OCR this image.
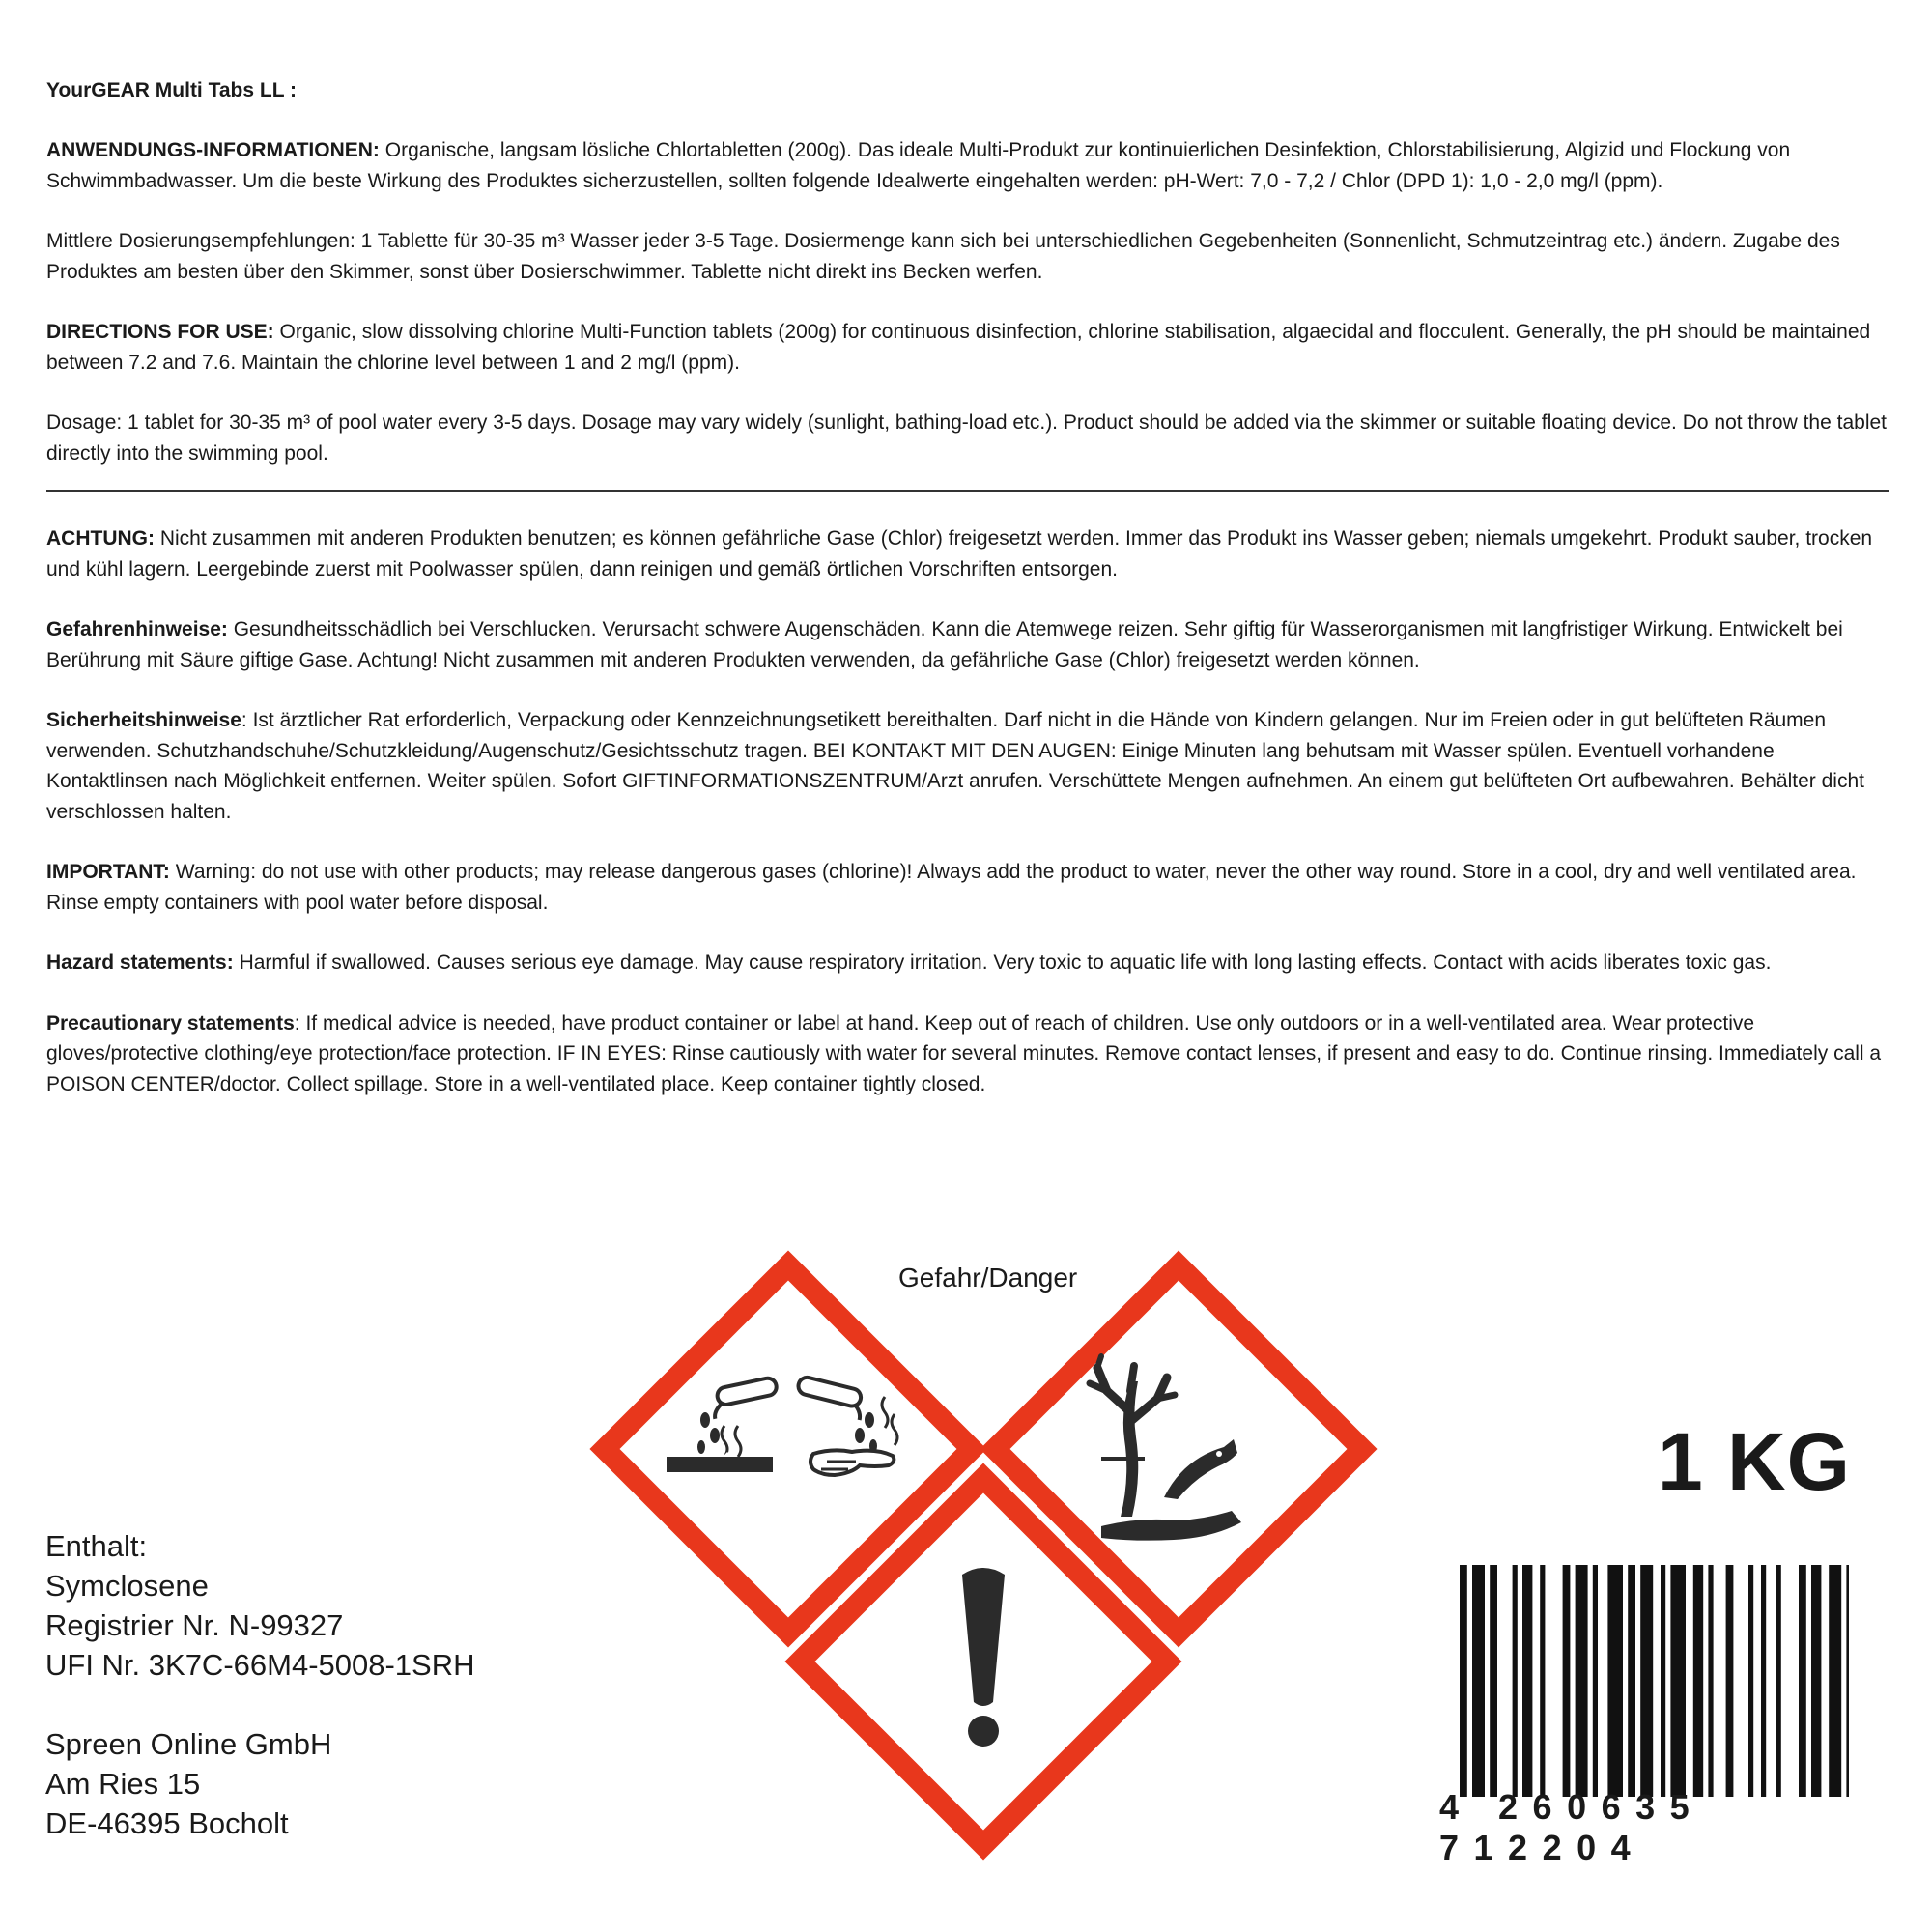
YourGEAR Multi Tabs LL :

ANWENDUNGS-INFORMATIONEN: Organische, langsam lösliche Chlortabletten (200g). Das ideale Multi-Produkt zur kontinuierlichen Desinfektion, Chlorstabilisierung, Algizid und Flockung von Schwimmbadwasser. Um die beste Wirkung des Produktes sicherzustellen, sollten folgende Idealwerte eingehalten werden: pH-Wert: 7,0 - 7,2 / Chlor (DPD 1): 1,0 - 2,0 mg/l (ppm).

Mittlere Dosierungsempfehlungen: 1 Tablette für 30-35 m³ Wasser jeder 3-5 Tage. Dosiermenge kann sich bei unterschiedlichen Gegebenheiten (Sonnenlicht, Schmutzeintrag etc.) ändern. Zugabe des Produktes am besten über den Skimmer, sonst über Dosierschwimmer. Tablette nicht direkt ins Becken werfen.

DIRECTIONS FOR USE: Organic, slow dissolving chlorine Multi-Function tablets (200g) for continuous disinfection, chlorine stabilisation, algaecidal and flocculent. Generally, the pH should be maintained between 7.2 and 7.6. Maintain the chlorine level between 1 and 2 mg/l (ppm).

Dosage: 1 tablet for 30-35 m³ of pool water every 3-5 days. Dosage may vary widely (sunlight, bathing-load etc.). Product should be added via the skimmer or suitable floating device. Do not throw the tablet directly into the swimming pool.

ACHTUNG: Nicht zusammen mit anderen Produkten benutzen; es können gefährliche Gase (Chlor) freigesetzt werden. Immer das Produkt ins Wasser geben; niemals umgekehrt. Produkt sauber, trocken und kühl lagern. Leergebinde zuerst mit Poolwasser spülen, dann reinigen und gemäß örtlichen Vorschriften entsorgen.

Gefahrenhinweise: Gesundheitsschädlich bei Verschlucken. Verursacht schwere Augenschäden. Kann die Atemwege reizen. Sehr giftig für Wasserorganismen mit langfristiger Wirkung. Entwickelt bei Berührung mit Säure giftige Gase. Achtung! Nicht zusammen mit anderen Produkten verwenden, da gefährliche Gase (Chlor) freigesetzt werden können.

Sicherheitshinweise: Ist ärztlicher Rat erforderlich, Verpackung oder Kennzeichnungsetikett bereithalten. Darf nicht in die Hände von Kindern gelangen. Nur im Freien oder in gut belüfteten Räumen verwenden. Schutzhandschuhe/Schutzkleidung/Augenschutz/Gesichtsschutz tragen. BEI KONTAKT MIT DEN AUGEN: Einige Minuten lang behutsam mit Wasser spülen. Eventuell vorhandene Kontaktlinsen nach Möglichkeit entfernen. Weiter spülen. Sofort GIFTINFORMATIONSZENTRUM/Arzt anrufen. Verschüttete Mengen aufnehmen. An einem gut belüfteten Ort aufbewahren. Behälter dicht verschlossen halten.

IMPORTANT: Warning: do not use with other products; may release dangerous gases (chlorine)! Always add the product to water, never the other way round. Store in a cool, dry and well ventilated area. Rinse empty containers with pool water before disposal.

Hazard statements: Harmful if swallowed. Causes serious eye damage. May cause respiratory irritation. Very toxic to aquatic life with long lasting effects. Contact with acids liberates toxic gas.

Precautionary statements: If medical advice is needed, have product container or label at hand. Keep out of reach of children. Use only outdoors or in a well-ventilated area. Wear protective gloves/protective clothing/eye protection/face protection. IF IN EYES: Rinse cautiously with water for several minutes. Remove contact lenses, if present and easy to do. Continue rinsing. Immediately call a POISON CENTER/doctor. Collect spillage. Store in a well-ventilated place. Keep container tightly closed.

Enthalt:
Symclosene
Registrier Nr. N-99327
UFI Nr. 3K7C-66M4-5008-1SRH
Spreen Online GmbH
Am Ries 15
DE-46395 Bocholt
Gefahr/Danger
1 KG
4 260635 712204
